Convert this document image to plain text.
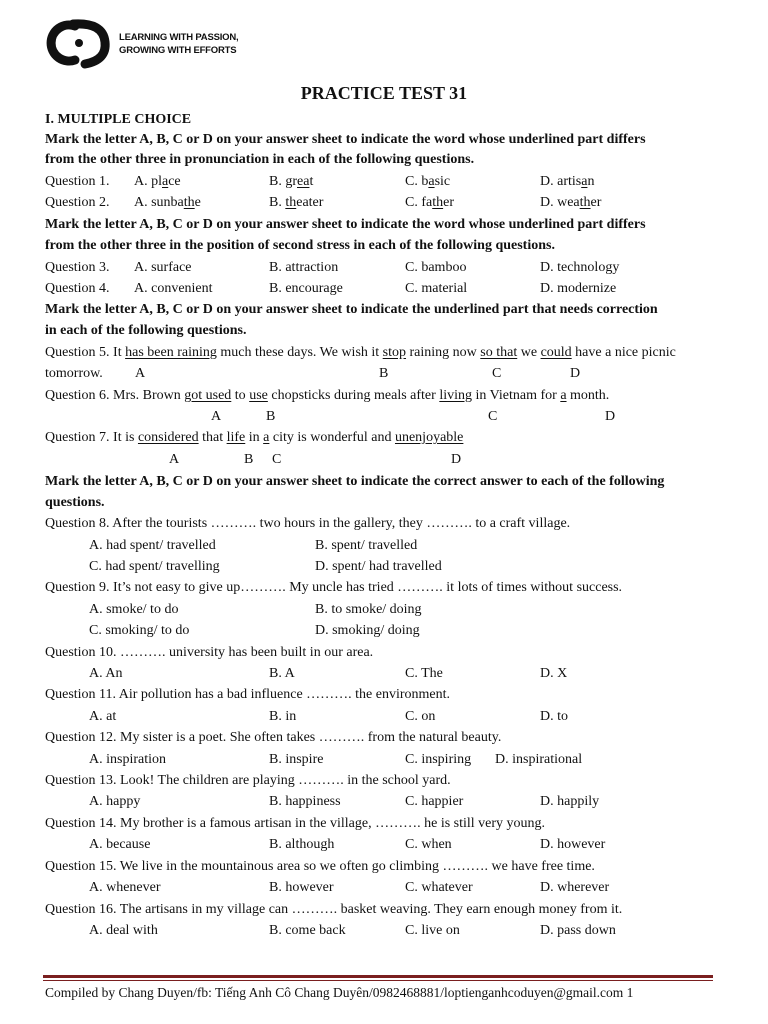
LEARNING WITH PASSION,
GROWING WITH EFFORTS
PRACTICE TEST 31
I. MULTIPLE CHOICE
Mark the letter A, B, C or D on your answer sheet to indicate the word whose underlined part differs
from the other three in pronunciation in each of the following questions.
Question 1. A. place	B. great	C. basic	D. artisan
Question 2. A. sunbathe	B. theater	C. father	D. weather
Mark the letter A, B, C or D on your answer sheet to indicate the word whose underlined part differs
from the other three in the position of second stress in each of the following questions.
Question 3. A. surface	B. attraction	C. bamboo	D. technology
Question 4. A. convenient	B. encourage	C. material	D. modernize
Mark the letter A, B, C or D on your answer sheet to indicate the underlined part that needs correction
in each of the following questions.
Question 5. It has been raining much these days. We wish it stop raining now so that we could have a nice picnic
tomorrow. A	B	C	D
Question 6. Mrs. Brown got used to use chopsticks during meals after living in Vietnam for a month.
A	B	C	D
Question 7. It is considered that life in a city is wonderful and unenjoyable
A	B C	D
Mark the letter A, B, C or D on your answer sheet to indicate the correct answer to each of the following
questions.
Question 8. After the tourists ………. two hours in the gallery, they ………. to a craft village.
A. had spent/ travelled	B. spent/ travelled
C. had spent/ travelling	D. spent/ had travelled
Question 9. It’s not easy to give up………. My uncle has tried ………. it lots of times without success.
A. smoke/ to do	B. to smoke/ doing
C. smoking/ to do	D. smoking/ doing
Question 10. ………. university has been built in our area.
A. An	B. A	C. The	D. X
Question 11. Air pollution has a bad influence ………. the environment.
A. at	B. in	C. on	D. to
Question 12. My sister is a poet. She often takes ………. from the natural beauty.
A. inspiration	B. inspire	C. inspiring D. inspirational
Question 13. Look! The children are playing ………. in the school yard.
A. happy	B. happiness	C. happier	D. happily
Question 14. My brother is a famous artisan in the village, ………. he is still very young.
A. because	B. although	C. when	D. however
Question 15. We live in the mountainous area so we often go climbing ………. we have free time.
A. whenever	B. however	C. whatever	D. wherever
Question 16. The artisans in my village can ………. basket weaving. They earn enough money from it.
A. deal with	B. come back	C. live on	D. pass down
Compiled by Chang Duyen/fb: Tiếng Anh Cô Chang Duyên/0982468881/loptienganhcoduyen@gmail.com 1
